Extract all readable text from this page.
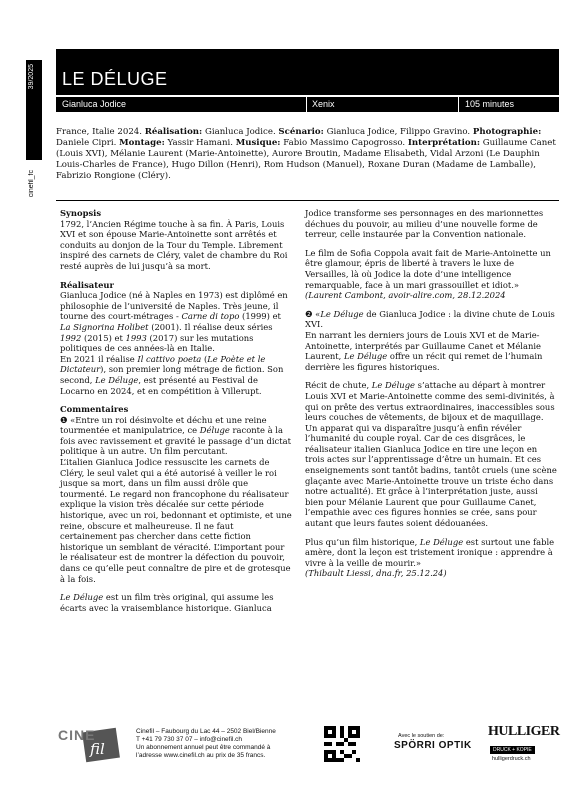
39/2025
cinefil_fc
LE DÉLUGE
Gianluca Jodice	Xenix	105 minutes
France, Italie 2024. Réalisation: Gianluca Jodice. Scénario: Gianluca Jodice, Filippo Gravino. Photographie: Daniele Cipri. Montage: Yassir Hamani. Musique: Fabio Massimo Capogrosso. Interprétation: Guillaume Canet (Louis XVI), Mélanie Laurent (Marie-Antoinette), Aurore Broutin, Madame Elisabeth, Vidal Arzoni (Le Dauphin Louis-Charles de France), Hugo Dillon (Henri), Rom Hudson (Manuel), Roxane Duran (Madame de Lamballe), Fabrizio Rongione (Cléry).
Synopsis

1792, l’Ancien Régime touche à sa fin. À Paris, Louis XVI et son épouse Marie-Antoinette sont arrêtés et conduits au donjon de la Tour du Temple. Librement inspiré des carnets de Cléry, valet de chambre du Roi resté auprès de lui jusqu’à sa mort.

Réalisateur

Gianluca Jodice (né à Naples en 1973) est diplômé en philosophie de l’université de Naples. Très jeune, il tourne des court-métrages - Carne di topo (1999) et La Signorina Holibet (2001). Il réalise deux séries 1992 (2015) et 1993 (2017) sur les mutations politiques de ces années-là en Italie.

En 2021 il réalise Il cattivo poeta (Le Poète et le Dictateur), son premier long métrage de fiction. Son second, Le Déluge, est présenté au Festival de Locarno en 2024, et en compétition à Villerupt.

Commentaires

❶ «Entre un roi désinvolte et déchu et une reine tourmentée et manipulatrice, ce Déluge raconte à la fois avec ravissement et gravité le passage d’un dictat politique à un autre. Un film percutant.

L’italien Gianluca Jodice ressuscite les carnets de Cléry, le seul valet qui a été autorisé à veiller le roi jusque sa mort, dans un film aussi drôle que tourmenté. Le regard non francophone du réalisateur explique la vision très décalée sur cette période historique, avec un roi, bedonnant et optimiste, et une reine, obscure et malheureuse. Il ne faut certainement pas chercher dans cette fiction historique un semblant de véracité. L’important pour le réalisateur est de montrer la défection du pouvoir, dans ce qu’elle peut connaître de pire et de grotesque à la fois.

Le Déluge est un film très original, qui assume les écarts avec la vraisemblance historique. Gianluca

Jodice transforme ses personnages en des marionnettes déchues du pouvoir, au milieu d’une nouvelle forme de terreur, celle instaurée par la Convention nationale.

Le film de Sofia Coppola avait fait de Marie-Antoinette un être glamour, épris de liberté à travers le luxe de Versailles, là où Jodice la dote d’une intelligence remarquable, face à un mari grassouillet et idiot.»

(Laurent Cambont, avoir-alire.com, 28.12.2024

❷ «Le Déluge de Gianluca Jodice : la divine chute de Louis XVI.

En narrant les derniers jours de Louis XVI et de Marie-Antoinette, interprétés par Guillaume Canet et Mélanie Laurent, Le Déluge offre un récit qui remet de l’humain derrière les figures historiques.

Récit de chute, Le Déluge s’attache au départ à montrer Louis XVI et Marie-Antoinette comme des semi-divinités, à qui on prête des vertus extraordinaires, inaccessibles sous leurs couches de vêtements, de bijoux et de maquillage. Un apparat qui va disparaître jusqu’à enfin révéler l’humanité du couple royal. Car de ces disgrâces, le réalisateur italien Gianluca Jodice en tire une leçon en trois actes sur l’apprentissage d’être un humain. Et ces enseignements sont tantôt badins, tantôt cruels (une scène glaçante avec Marie-Antoinette trouve un triste écho dans notre actualité). Et grâce à l’interprétation juste, aussi bien pour Mélanie Laurent que pour Guillaume Canet, l’empathie avec ces figures honnies se crée, sans pour autant que leurs fautes soient dédouanées.

Plus qu’un film historique, Le Déluge est surtout une fable amère, dont la leçon est tristement ironique : apprendre à vivre à la veille de mourir.»

(Thibault Liessi, dna.fr, 25.12.24)

CINE
fil
Cinefil – Faubourg du Lac 44 – 2502 Biel/Bienne
T +41 79 730 37 07 – info@cinefil.ch
Un abonnement annuel peut être commandé à
l’adresse www.cinefil.ch au prix de 35 francs.
Avec le soutien de:
SPÖRRI OPTIK
HULLIGER
DRUCK + KOPIE
hulligerdruck.ch
